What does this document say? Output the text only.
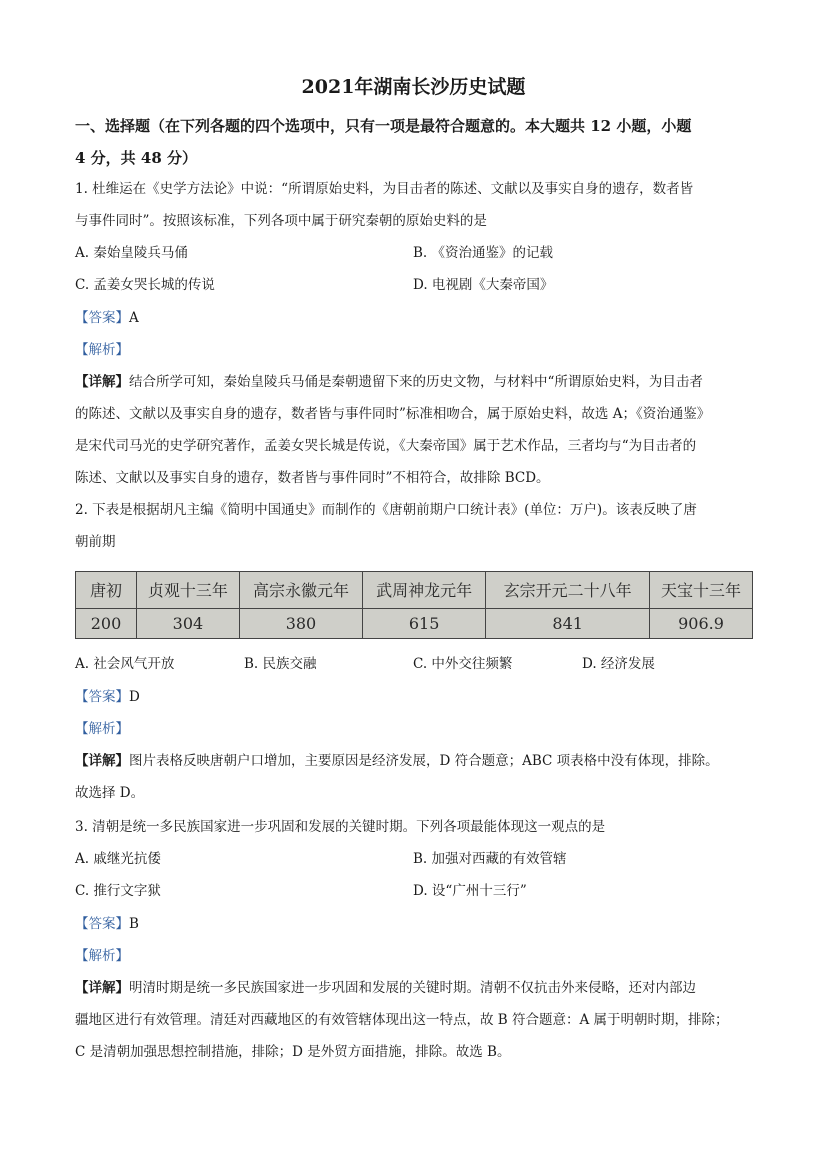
2021年湖南长沙历史试题
一、选择题（在下列各题的四个选项中，只有一项是最符合题意的。本大题共 12 小题，小题
4 分，共 48 分）
1. 杜维运在《史学方法论》中说：“所谓原始史料，为目击者的陈述、文献以及事实自身的遗存，数者皆
与事件同时”。按照该标准，下列各项中属于研究秦朝的原始史料的是
A. 秦始皇陵兵马俑	B. 《资治通鉴》的记载
C. 孟姜女哭长城的传说	D. 电视剧《大秦帝国》
【答案】A
【解析】
【详解】结合所学可知，秦始皇陵兵马俑是秦朝遗留下来的历史文物，与材料中“所谓原始史料，为目击者
的陈述、文献以及事实自身的遗存，数者皆与事件同时”标准相吻合，属于原始史料，故选 A；《资治通鉴》
是宋代司马光的史学研究著作，孟姜女哭长城是传说，《大秦帝国》属于艺术作品，三者均与“为目击者的
陈述、文献以及事实自身的遗存，数者皆与事件同时”不相符合，故排除 BCD。
2. 下表是根据胡凡主编《简明中国通史》而制作的《唐朝前期户口统计表》(单位：万户)。该表反映了唐
朝前期
唐初	贞观十三年	高宗永徽元年	武周神龙元年	玄宗开元二十八年	天宝十三年
200	304	380	615	841	906.9
A. 社会风气开放	B. 民族交融	C. 中外交往频繁	D. 经济发展
【答案】D
【解析】
【详解】图片表格反映唐朝户口增加，主要原因是经济发展，D 符合题意；ABC 项表格中没有体现，排除。
故选择 D。
3. 清朝是统一多民族国家进一步巩固和发展的关键时期。下列各项最能体现这一观点的是
A. 戚继光抗倭	B. 加强对西藏的有效管辖
C. 推行文字狱	D. 设“广州十三行”
【答案】B
【解析】
【详解】明清时期是统一多民族国家进一步巩固和发展的关键时期。清朝不仅抗击外来侵略，还对内部边
疆地区进行有效管理。清廷对西藏地区的有效管辖体现出这一特点，故 B 符合题意：A 属于明朝时期，排除；
C 是清朝加强思想控制措施，排除；D 是外贸方面措施，排除。故选 B。
